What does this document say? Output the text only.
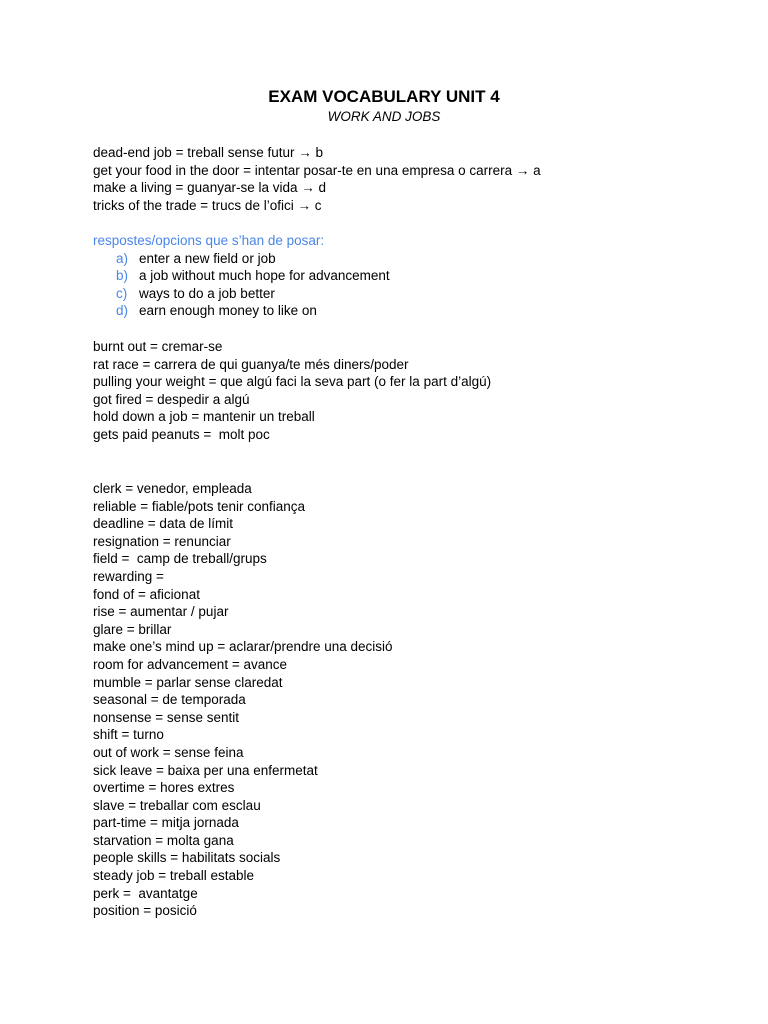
EXAM VOCABULARY UNIT 4
WORK AND JOBS
dead-end job = treball sense futur → b
get your food in the door = intentar posar-te en una empresa o carrera → a
make a living = guanyar-se la vida → d
tricks of the trade = trucs de l’ofici → c
respostes/opcions que s’han de posar:
a) enter a new field or job
b) a job without much hope for advancement
c) ways to do a job better
d) earn enough money to like on
burnt out = cremar-se
rat race = carrera de qui guanya/te més diners/poder
pulling your weight = que algú faci la seva part (o fer la part d’algú)
got fired = despedir a algú
hold down a job = mantenir un treball
gets paid peanuts =  molt poc
clerk = venedor, empleada
reliable = fiable/pots tenir confiança
deadline = data de límit
resignation = renunciar
field =  camp de treball/grups
rewarding =
fond of = aficionat
rise = aumentar / pujar
glare = brillar
make one’s mind up = aclarar/prendre una decisió
room for advancement = avance
mumble = parlar sense claredat
seasonal = de temporada
nonsense = sense sentit
shift = turno
out of work = sense feina
sick leave = baixa per una enfermetat
overtime = hores extres
slave = treballar com esclau
part-time = mitja jornada
starvation = molta gana
people skills = habilitats socials
steady job = treball estable
perk =  avantatge
position = posició
